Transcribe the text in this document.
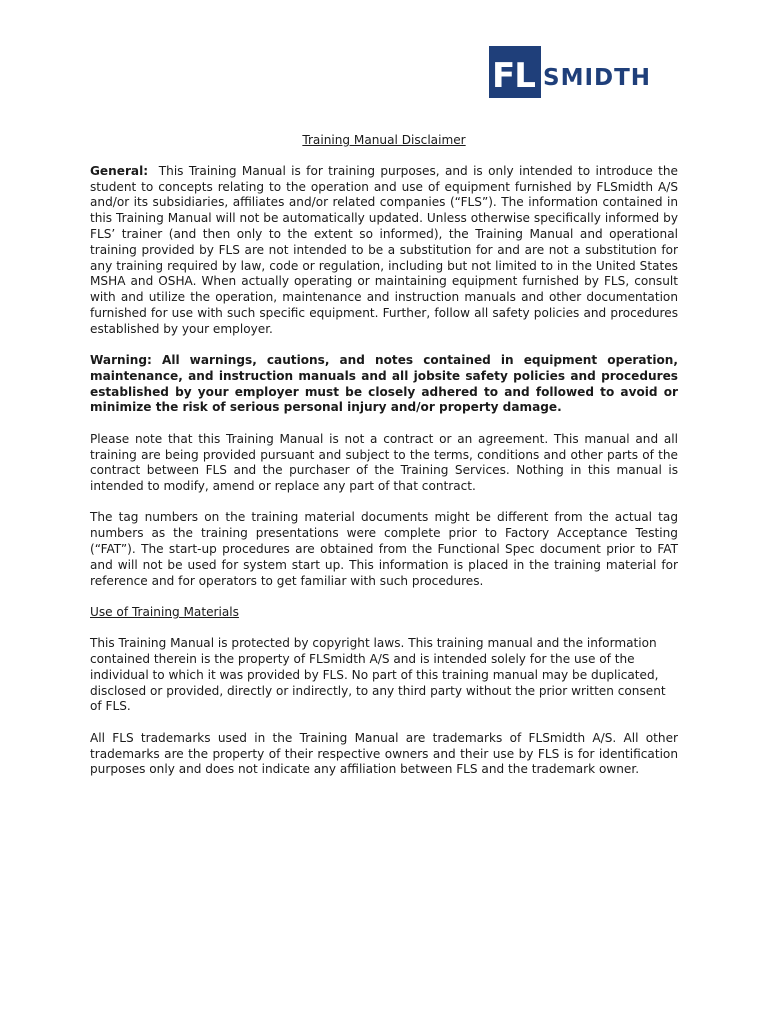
FL SMIDTH
Training Manual Disclaimer

General: This Training Manual is for training purposes, and is only intended to introduce the student to concepts relating to the operation and use of equipment furnished by FLSmidth A/S and/or its subsidiaries, affiliates and/or related companies (“FLS”). The information contained in this Training Manual will not be automatically updated. Unless otherwise specifically informed by FLS’ trainer (and then only to the extent so informed), the Training Manual and operational training provided by FLS are not intended to be a substitution for and are not a substitution for any training required by law, code or regulation, including but not limited to in the United States MSHA and OSHA. When actually operating or maintaining equipment furnished by FLS, consult with and utilize the operation, maintenance and instruction manuals and other documentation furnished for use with such specific equipment. Further, follow all safety policies and procedures established by your employer.

Warning: All warnings, cautions, and notes contained in equipment operation, maintenance, and instruction manuals and all jobsite safety policies and procedures established by your employer must be closely adhered to and followed to avoid or minimize the risk of serious personal injury and/or property damage.

Please note that this Training Manual is not a contract or an agreement. This manual and all training are being provided pursuant and subject to the terms, conditions and other parts of the contract between FLS and the purchaser of the Training Services. Nothing in this manual is intended to modify, amend or replace any part of that contract.

The tag numbers on the training material documents might be different from the actual tag numbers as the training presentations were complete prior to Factory Acceptance Testing (“FAT”). The start-up procedures are obtained from the Functional Spec document prior to FAT and will not be used for system start up. This information is placed in the training material for reference and for operators to get familiar with such procedures.

Use of Training Materials

This Training Manual is protected by copyright laws. This training manual and the information contained therein is the property of FLSmidth A/S and is intended solely for the use of the individual to which it was provided by FLS. No part of this training manual may be duplicated, disclosed or provided, directly or indirectly, to any third party without the prior written consent of FLS.

All FLS trademarks used in the Training Manual are trademarks of FLSmidth A/S. All other trademarks are the property of their respective owners and their use by FLS is for identification purposes only and does not indicate any affiliation between FLS and the trademark owner.
